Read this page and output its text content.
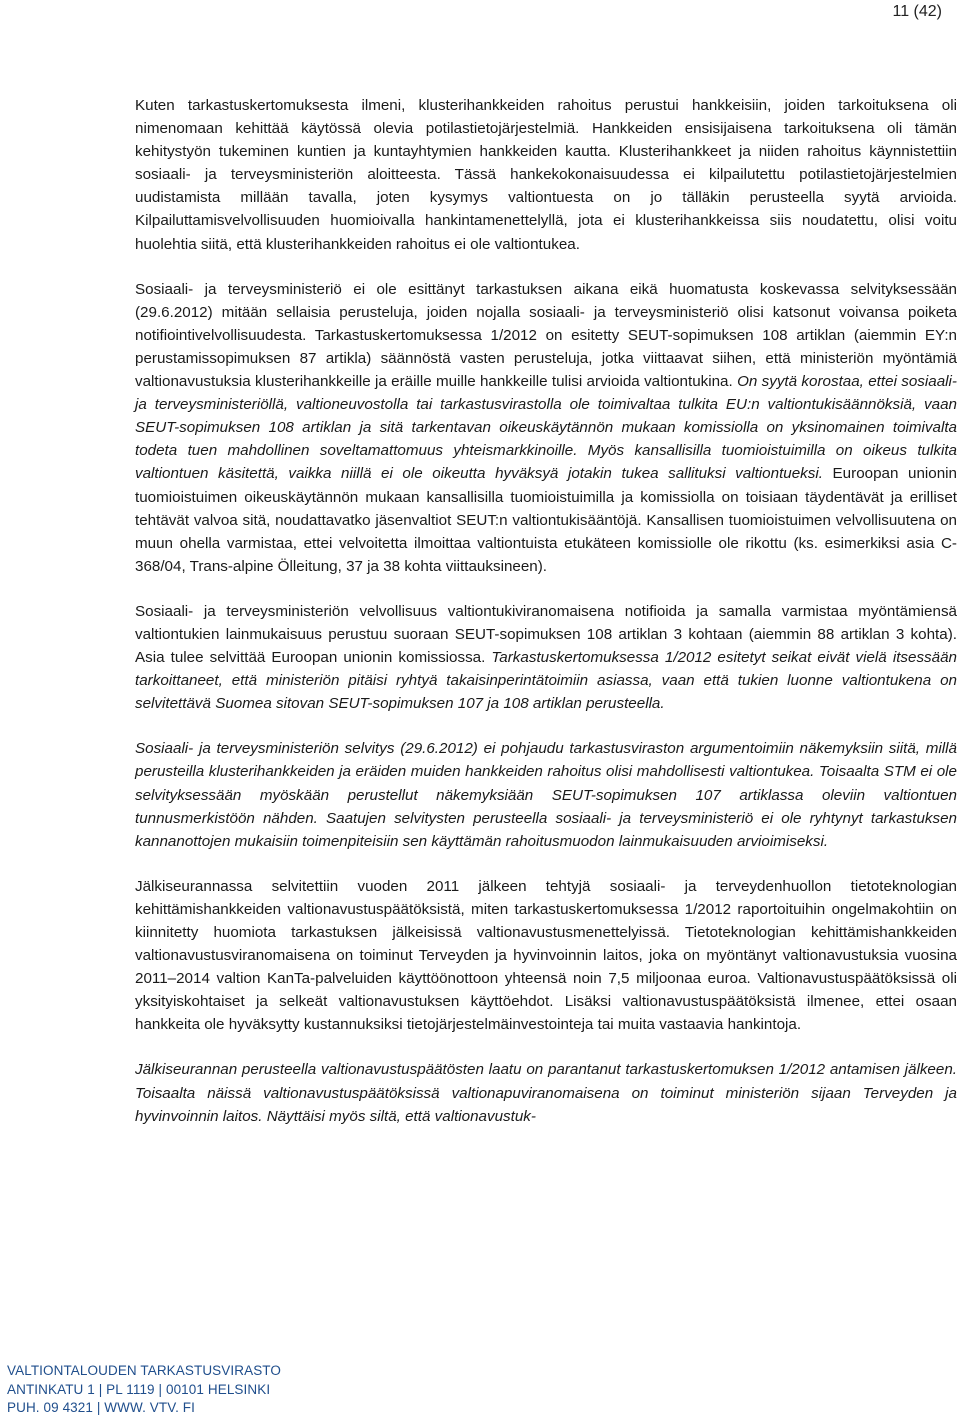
11 (42)

Kuten tarkastuskertomuksesta ilmeni, klusterihankkeiden rahoitus perustui hankkeisiin, joiden tarkoituksena oli nimenomaan kehittää käytössä olevia potilastietojärjestelmiä. Hankkeiden ensisijaisena tarkoituksena oli tämän kehitystyön tukeminen kuntien ja kuntayhtymien hankkeiden kautta. Klusterihankkeet ja niiden rahoitus käynnistettiin sosiaali- ja terveysministeriön aloitteesta. Tässä hankekokonaisuudessa ei kilpailutettu potilastietojärjestelmien uudistamista millään tavalla, joten kysymys valtiontuesta on jo tälläkin perusteella syytä arvioida. Kilpailuttamisvelvollisuuden huomioivalla hankintamenettelyllä, jota ei klusterihankkeissa siis noudatettu, olisi voitu huolehtia siitä, että klusterihankkeiden rahoitus ei ole valtiontukea.

Sosiaali- ja terveysministeriö ei ole esittänyt tarkastuksen aikana eikä huomatusta koskevassa selvityksessään (29.6.2012) mitään sellaisia perusteluja, joiden nojalla sosiaali- ja terveysministeriö olisi katsonut voivansa poiketa notifiointivelvollisuudesta. Tarkastuskertomuksessa 1/2012 on esitetty SEUT-sopimuksen 108 artiklan (aiemmin EY:n perustamissopimuksen 87 artikla) säännöstä vasten perusteluja, jotka viittaavat siihen, että ministeriön myöntämiä valtionavustuksia klusterihankkeille ja eräille muille hankkeille tulisi arvioida valtiontukina. On syytä korostaa, ettei sosiaali- ja terveysministeriöllä, valtioneuvostolla tai tarkastusvirastolla ole toimivaltaa tulkita EU:n valtiontukisäännöksiä, vaan SEUT-sopimuksen 108 artiklan ja sitä tarkentavan oikeuskäytännön mukaan komissiolla on yksinomainen toimivalta todeta tuen mahdollinen soveltamattomuus yhteismarkkinoille. Myös kansallisilla tuomioistuimilla on oikeus tulkita valtiontuen käsitettä, vaikka niillä ei ole oikeutta hyväksyä jotakin tukea sallituksi valtiontueksi. Euroopan unionin tuomioistuimen oikeuskäytännön mukaan kansallisilla tuomioistuimilla ja komissiolla on toisiaan täydentävät ja erilliset tehtävät valvoa sitä, noudattavatko jäsenvaltiot SEUT:n valtiontukisääntöjä. Kansallisen tuomioistuimen velvollisuutena on muun ohella varmistaa, ettei velvoitetta ilmoittaa valtiontuista etukäteen komissiolle ole rikottu (ks. esimerkiksi asia C-368/04, Trans-alpine Ölleitung, 37 ja 38 kohta viittauksineen).

Sosiaali- ja terveysministeriön velvollisuus valtiontukiviranomaisena notifioida ja samalla varmistaa myöntämiensä valtiontukien lainmukaisuus perustuu suoraan SEUT-sopimuksen 108 artiklan 3 kohtaan (aiemmin 88 artiklan 3 kohta). Asia tulee selvittää Euroopan unionin komissiossa. Tarkastuskertomuksessa 1/2012 esitetyt seikat eivät vielä itsessään tarkoittaneet, että ministeriön pitäisi ryhtyä takaisinperintätoimiin asiassa, vaan että tukien luonne valtiontukena on selvitettävä Suomea sitovan SEUT-sopimuksen 107 ja 108 artiklan perusteella.

Sosiaali- ja terveysministeriön selvitys (29.6.2012) ei pohjaudu tarkastusviraston argumentoimiin näkemyksiin siitä, millä perusteilla klusterihankkeiden ja eräiden muiden hankkeiden rahoitus olisi mahdollisesti valtiontukea. Toisaalta STM ei ole selvityksessään myöskään perustellut näkemyksiään SEUT-sopimuksen 107 artiklassa oleviin valtiontuen tunnusmerkistöön nähden. Saatujen selvitysten perusteella sosiaali- ja terveysministeriö ei ole ryhtynyt tarkastuksen kannanottojen mukaisiin toimenpiteisiin sen käyttämän rahoitusmuodon lainmukaisuuden arvioimiseksi.

Jälkiseurannassa selvitettiin vuoden 2011 jälkeen tehtyjä sosiaali- ja terveydenhuollon tietoteknologian kehittämishankkeiden valtionavustuspäätöksistä, miten tarkastuskertomuksessa 1/2012 raportoituihin ongelmakohtiin on kiinnitetty huomiota tarkastuksen jälkeisissä valtionavustusmenettelyissä. Tietoteknologian kehittämishankkeiden valtionavustusviranomaisena on toiminut Terveyden ja hyvinvoinnin laitos, joka on myöntänyt valtionavustuksia vuosina 2011–2014 valtion KanTa-palveluiden käyttöönottoon yhteensä noin 7,5 miljoonaa euroa. Valtionavustuspäätöksissä oli yksityiskohtaiset ja selkeät valtionavustuksen käyttöehdot. Lisäksi valtionavustuspäätöksistä ilmenee, ettei osaan hankkeita ole hyväksytty kustannuksiksi tietojärjestelmäinvestointeja tai muita vastaavia hankintoja.

Jälkiseurannan perusteella valtionavustuspäätösten laatu on parantanut tarkastuskertomuksen 1/2012 antamisen jälkeen. Toisaalta näissä valtionavustuspäätöksissä valtionapuviranomaisena on toiminut ministeriön sijaan Terveyden ja hyvinvoinnin laitos. Näyttäisi myös siltä, että valtionavustuk-

VALTIONTALOUDEN TARKASTUSVIRASTO
ANTINKATU 1 | PL 1119 | 00101 HELSINKI
PUH. 09 4321 | WWW. VTV. FI
